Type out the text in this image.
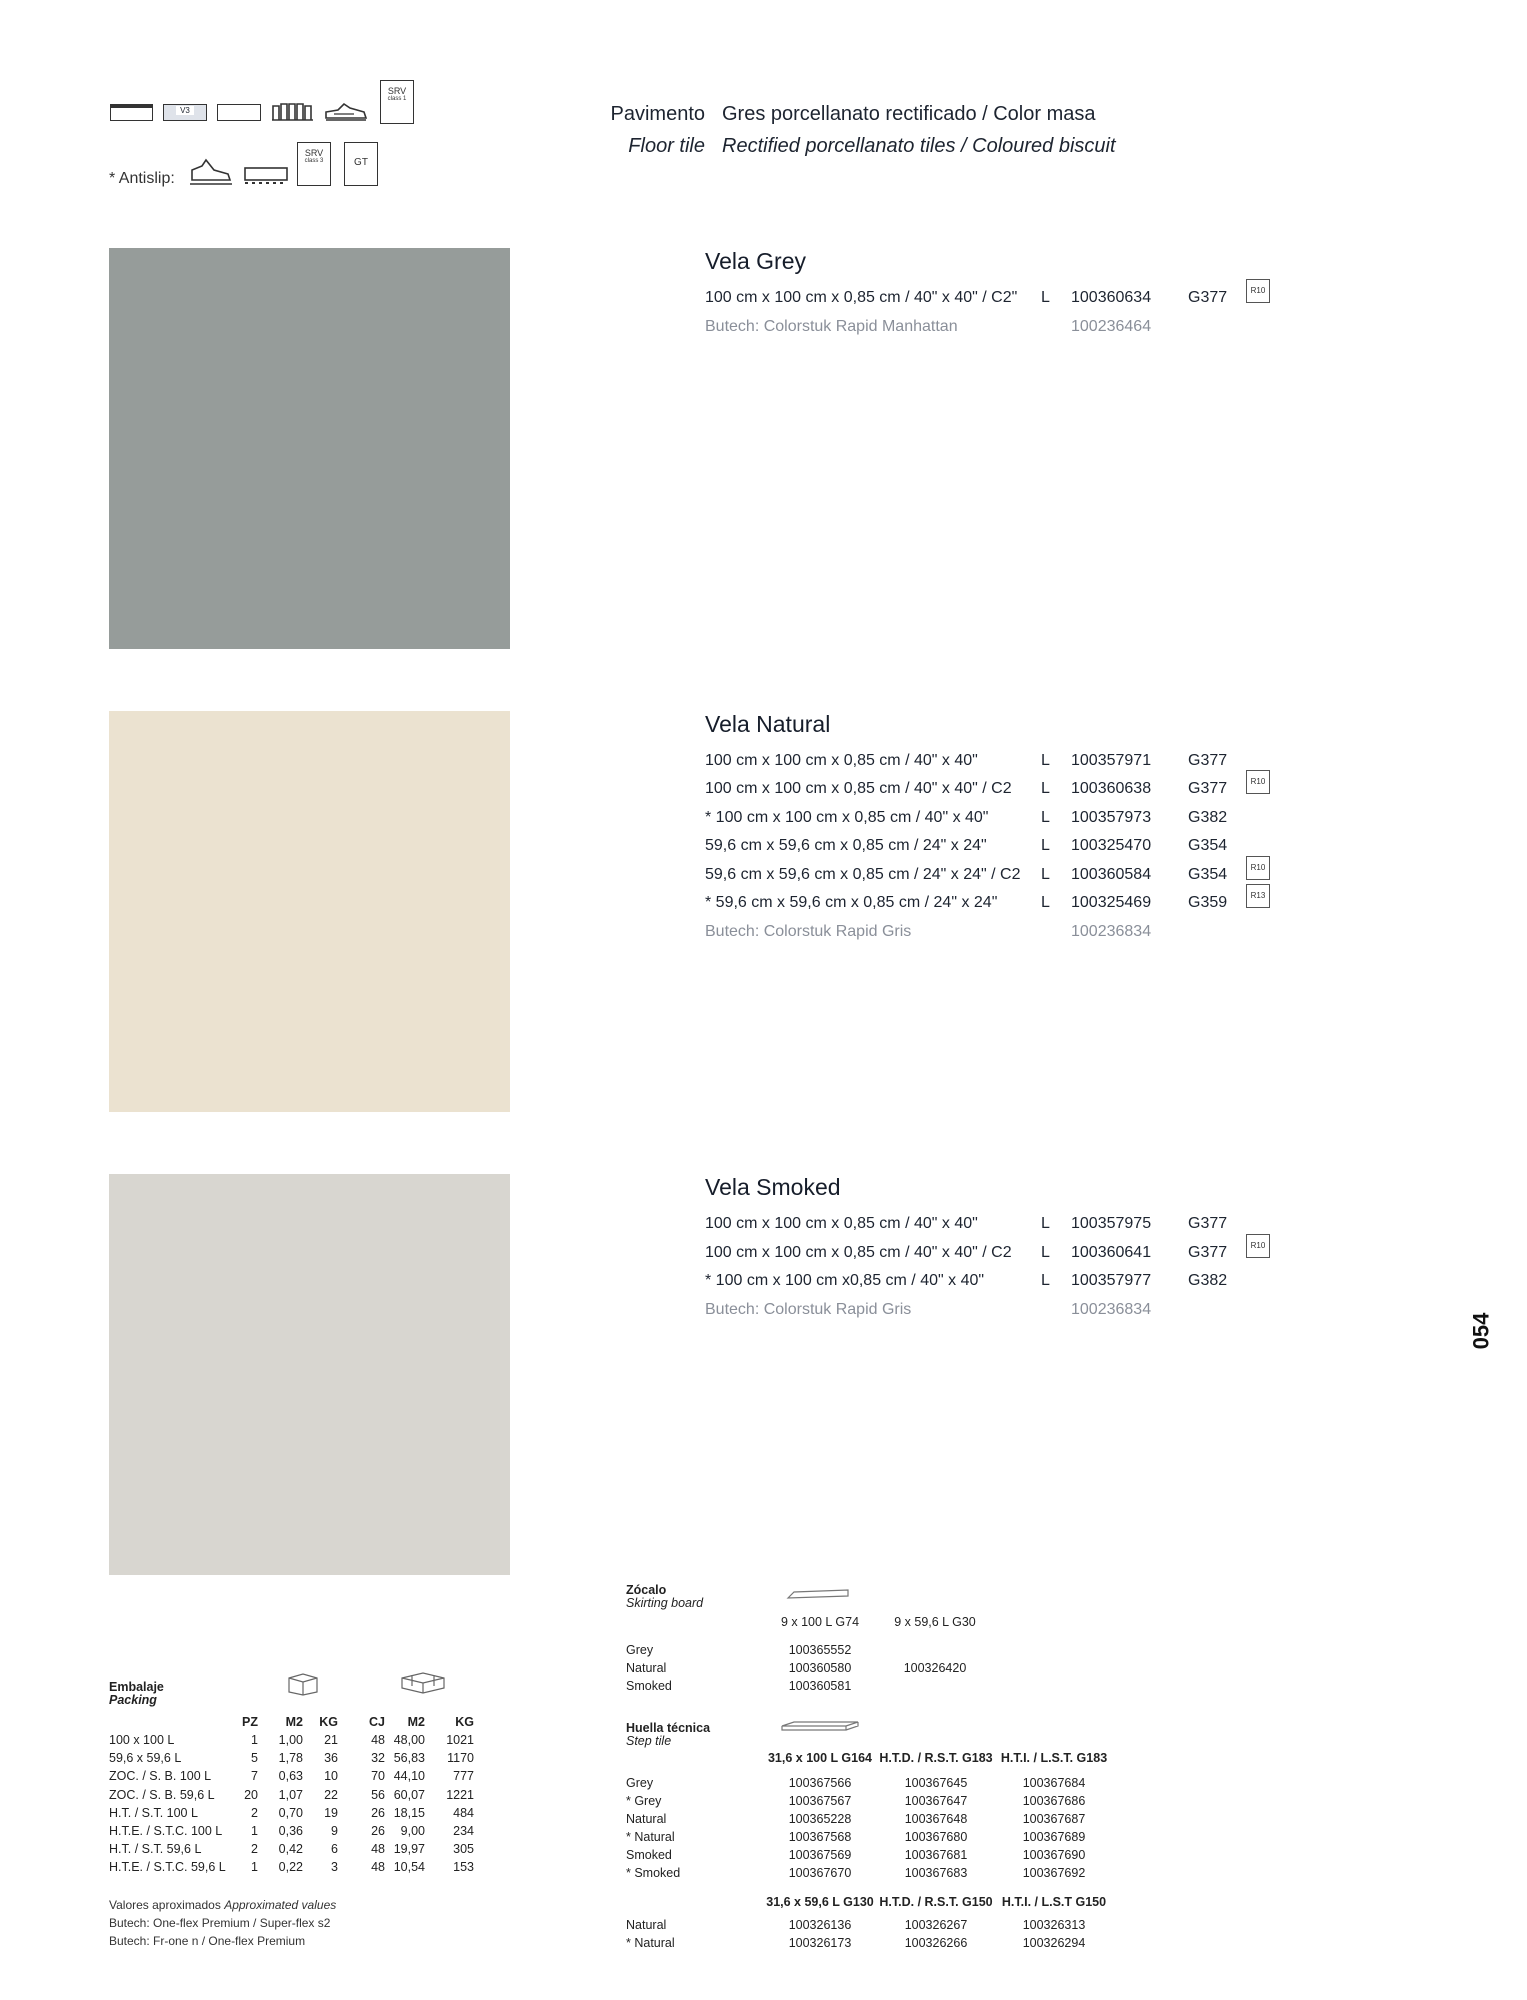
V3
SRV
class 1
* Antislip:
SRV
class 3	GT
Pavimento Gres porcellanato rectificado / Color masa
Floor tile Rectified porcellanato tiles / Coloured biscuit
Vela Grey
100 cm x 100 cm x 0,85 cm / 40" x 40" / C2" L 100360634 G377
Butech: Colorstuk Rapid Manhattan	100236464
R10
Vela Natural
100 cm x 100 cm x 0,85 cm / 40" x 40"	L 100357971 G377
100 cm x 100 cm x 0,85 cm / 40" x 40" / C2 L 100360638 G377
* 100 cm x 100 cm x 0,85 cm / 40" x 40"	L 100357973 G382
59,6 cm x 59,6 cm x 0,85 cm / 24" x 24"	L 100325470 G354
59,6 cm x 59,6 cm x 0,85 cm / 24" x 24" / C2 L 100360584 G354
* 59,6 cm x 59,6 cm x 0,85 cm / 24" x 24"	L 100325469 G359
Butech: Colorstuk Rapid Gris	100236834
R10
R10
R13
Vela Smoked
100 cm x 100 cm x 0,85 cm / 40" x 40"	L 100357975 G377
100 cm x 100 cm x 0,85 cm / 40" x 40" / C2 L 100360641 G377
* 100 cm x 100 cm x0,85 cm / 40" x 40"	L 100357977 G382
Butech: Colorstuk Rapid Gris	100236834
R10
054
Embalaje
Packing
PZ M2 KG CJ M2 KG
100 x 100 L	1 1,00 21	48 48,00 1021
59,6 x 59,6 L	5 1,78 36	32 56,83 1170
ZOC. / S. B. 100 L	7 0,63 10	70 44,10 777
ZOC. / S. B. 59,6 L 20 1,07 22	56 60,07 1221
H.T. / S.T. 100 L	2 0,70 19	26 18,15 484
H.T.E. / S.T.C. 100 L 1 0,36 9	26 9,00 234
H.T. / S.T. 59,6 L	2 0,42 6	48 19,97 305
H.T.E. / S.T.C. 59,6 L 1 0,22 3	48 10,54 153
Valores aproximados Approximated values
Butech: One-flex Premium / Super-flex s2
Butech: Fr-one n / One-flex Premium
Zócalo
Skirting board
9 x 100 L G74	9 x 59,6 L G30
Grey	100365552
Natural	100360580	100326420
Smoked	100360581
Huella técnica
Step tile
31,6 x 100 L G164 H.T.D. / R.S.T. G183 H.T.I. / L.S.T. G183
Grey	100367566	100367645	100367684
* Grey	100367567	100367647	100367686
Natural	100365228	100367648	100367687
* Natural	100367568	100367680	100367689
Smoked	100367569	100367681	100367690
* Smoked	100367670	100367683	100367692
31,6 x 59,6 L G130 H.T.D. / R.S.T. G150 H.T.I. / L.S.T G150
Natural	100326136	100326267	100326313
* Natural	100326173	100326266	100326294
